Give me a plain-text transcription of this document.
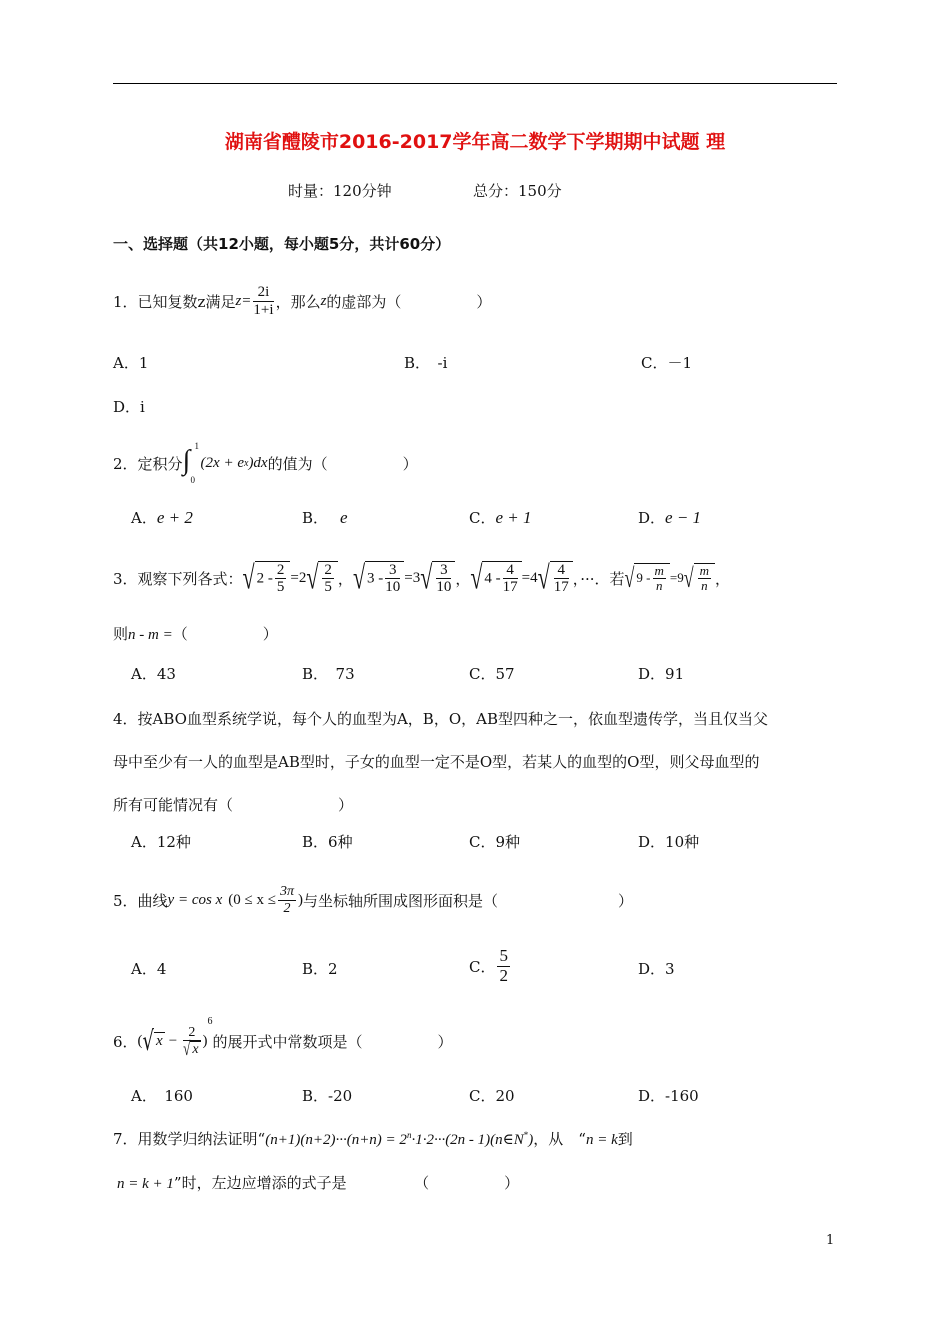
湖南省醴陵市2016-2017学年高二数学下学期期中试题 理
时量：120分钟	总分：150分
一、选择题（共12小题，每小题5分，共计60分）
1．已知复数z满足 $z= \frac{2i}{1+i}$ ，那么 z 的虚部为（　　　　　）
A．1	B．　-i	C．－1
D．i
2．定积分 ∫ 1
0
(2x + e x )dx 的值为（　　　　　）
A．e + 2	B． e	C．e + 1	D．e − 1
3．观察下列各式： √ $2 - \frac{2}{5} =2$ √ $\frac{2}{5}$ ， √ $3 - \frac{3}{10} =3$ √ $\frac{3}{10}$ ， √ $4 - \frac{4}{17} =4$ √ $\frac{4}{17}$ ，···．若 √ $9 - \frac{m}{n} =9$ √ $\frac{m}{n}$ ，
则n - m =（　　　　　）
A．43	B．　73	C．57	D．91
4．按ABO血型系统学说，每个人的血型为A，B，O，AB型四种之一，依血型遗传学，当且仅当父
母中至少有一人的血型是AB型时，子女的血型一定不是O型，若某人的血型的O型，则父母血型的
所有可能情况有（　　　　　　　）
A．12种	B．6种	C．9种	D．10种
5．曲线 y = cos x ($0 \le x \le \frac{3\pi}{2}$ ) 与坐标轴所围成图形面积是（　　　　　　　　）
A．4	B．2	C． $\frac{5}{2}$	D．3
6． ( √ $x - \frac{2}{√ x}$ )
6
的展开式中常数项是（　　　　　）
A．　160	B．-20	C．20	D．-160
7．用数学归纳法证明“$(n+1)(n+2)\cdot\cdot\cdot(n+n) = 2^n\cdot 1\cdot 2\cdot\cdot\cdot(2n$ - 1)(n∈N*)，从　“n = k到
n = k + 1”时，左边应增添的式子是　　　　　（　　　　　）
1
